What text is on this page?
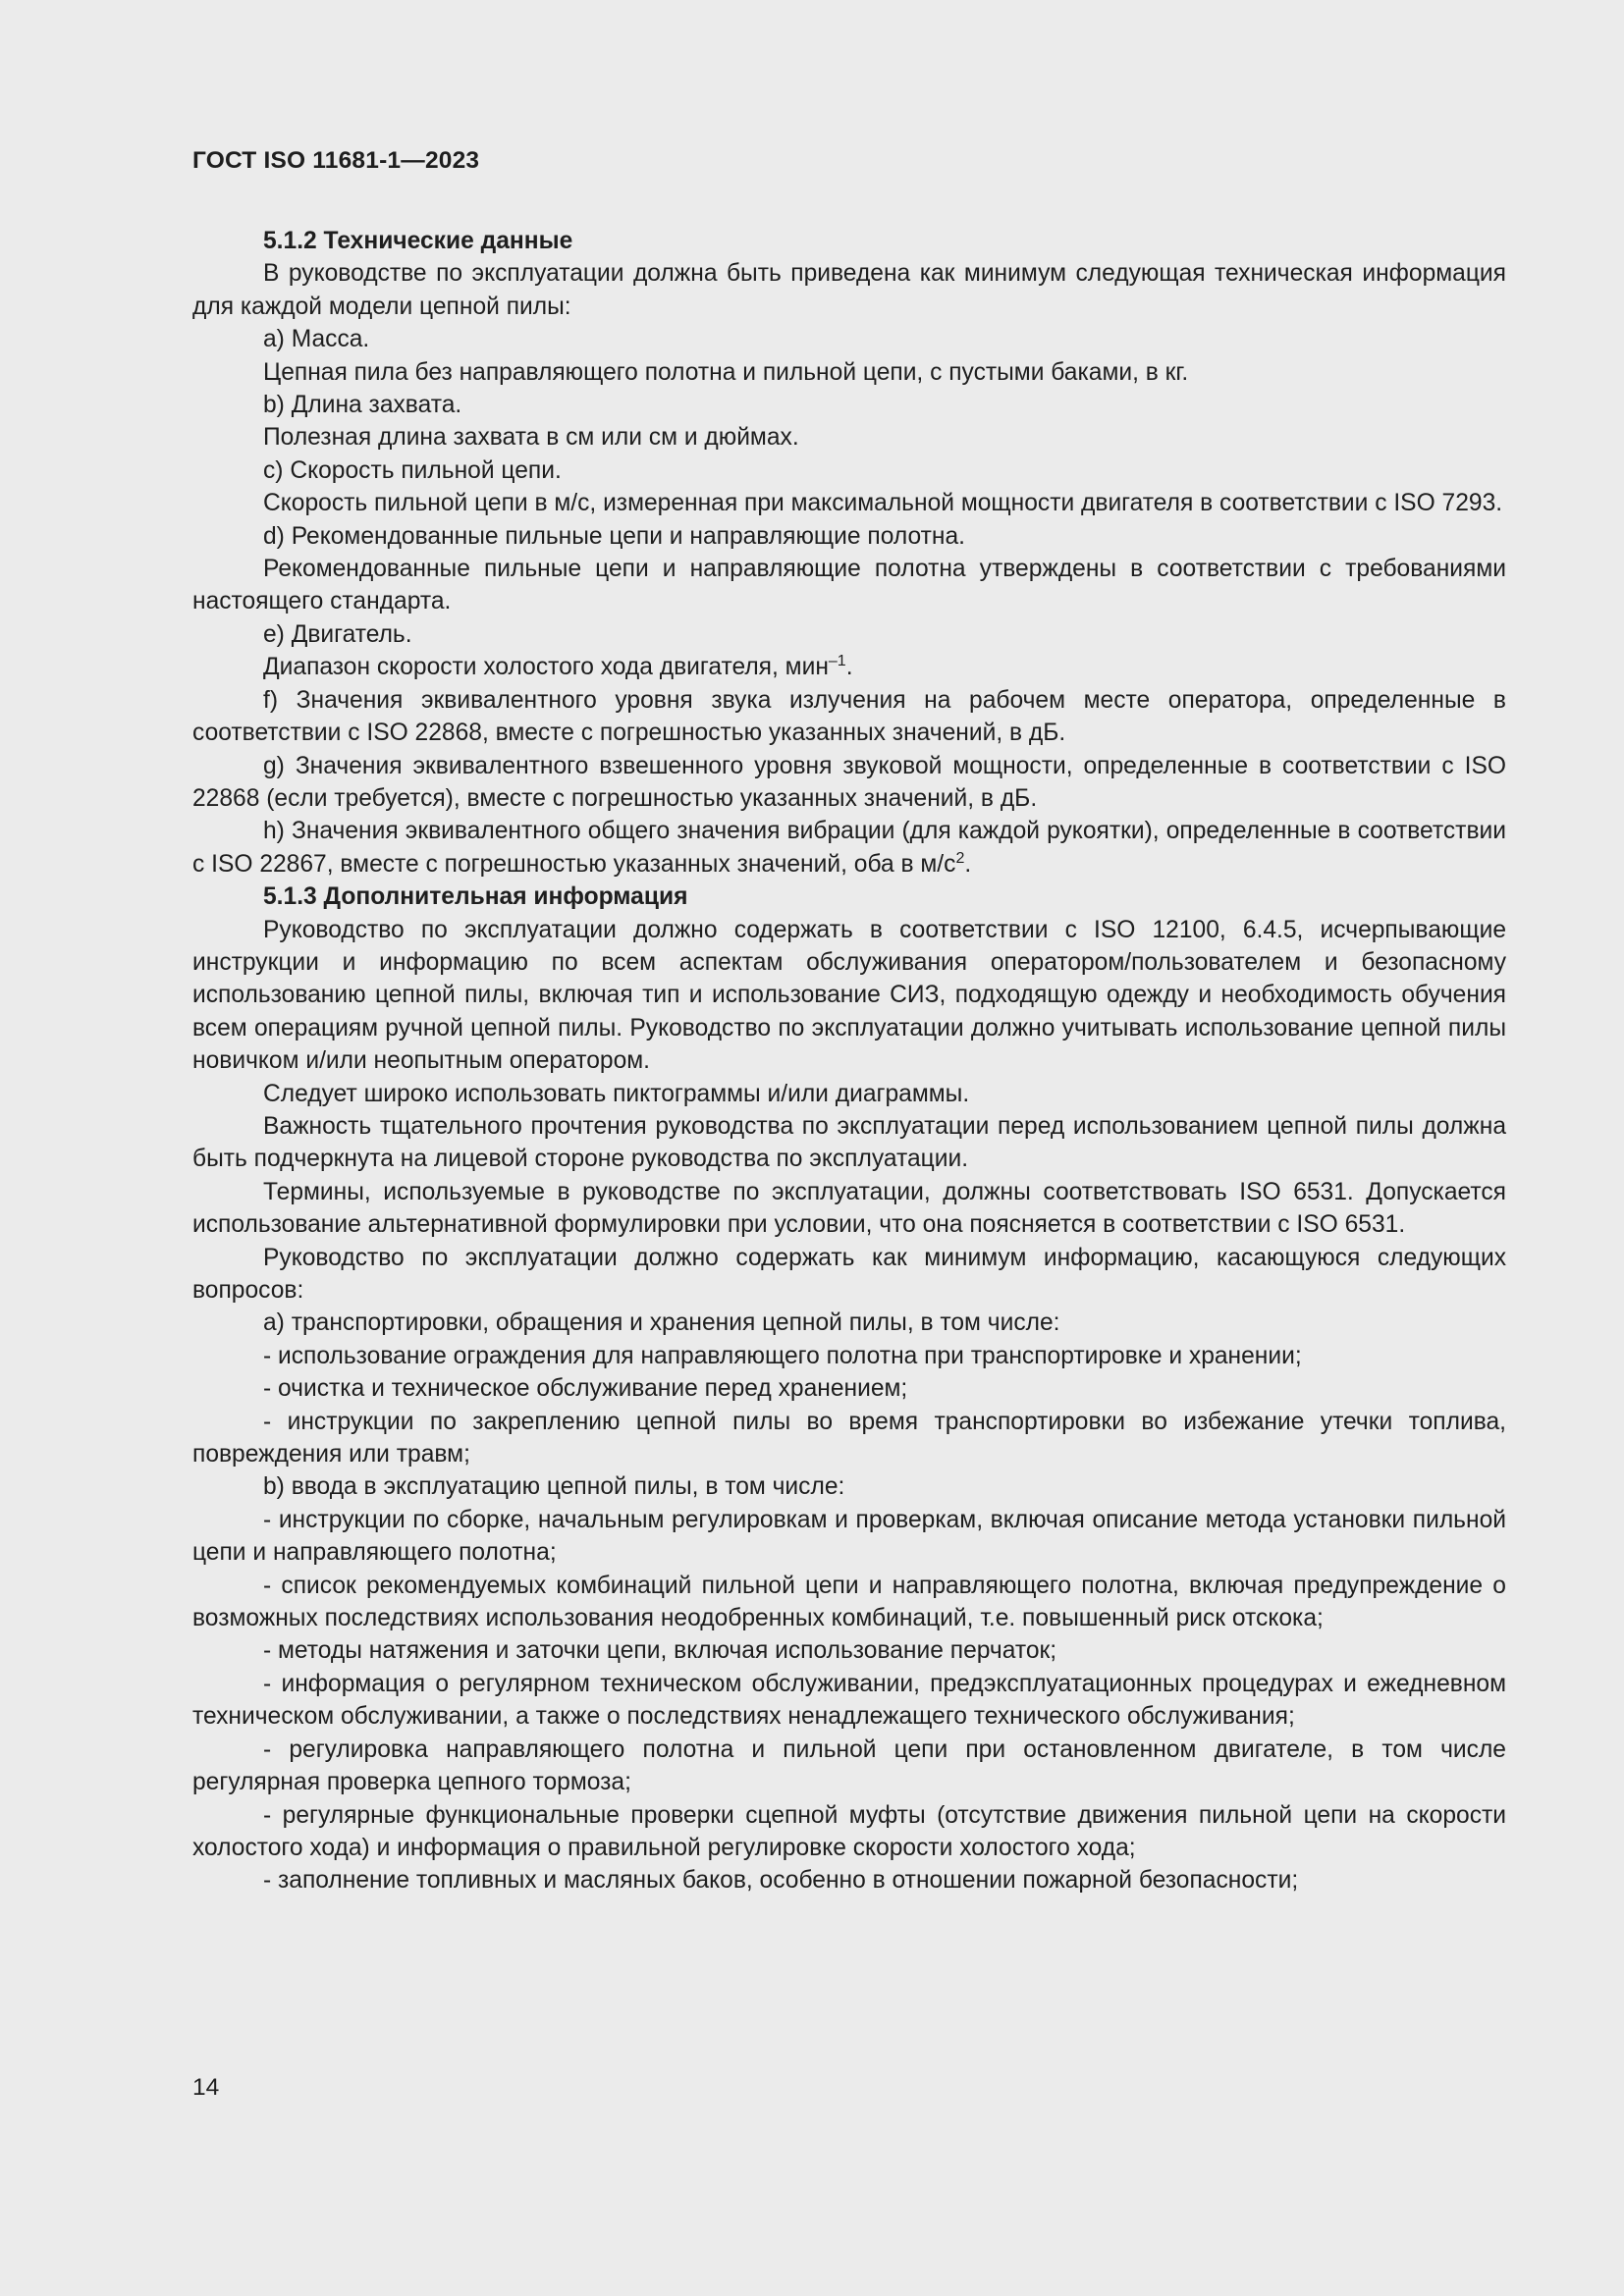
ГОСТ ISO 11681-1—2023
5.1.2 Технические данные

В руководстве по эксплуатации должна быть приведена как минимум следующая техническая информация для каждой модели цепной пилы:

a) Масса.

Цепная пила без направляющего полотна и пильной цепи, с пустыми баками, в кг.

b) Длина захвата.

Полезная длина захвата в см или см и дюймах.

c) Скорость пильной цепи.

Скорость пильной цепи в м/с, измеренная при максимальной мощности двигателя в соответствии с ISO 7293.

d) Рекомендованные пильные цепи и направляющие полотна.

Рекомендованные пильные цепи и направляющие полотна утверждены в соответствии с требованиями настоящего стандарта.

e) Двигатель.

Диапазон скорости холостого хода двигателя, мин$^{-1}$.

f) Значения эквивалентного уровня звука излучения на рабочем месте оператора, определенные в соответствии с ISO 22868, вместе с погрешностью указанных значений, в дБ.

g) Значения эквивалентного взвешенного уровня звуковой мощности, определенные в соответствии с ISO 22868 (если требуется), вместе с погрешностью указанных значений, в дБ.

h) Значения эквивалентного общего значения вибрации (для каждой рукоятки), определенные в соответствии с ISO 22867, вместе с погрешностью указанных значений, оба в $м/с^2$.

5.1.3 Дополнительная информация

Руководство по эксплуатации должно содержать в соответствии с ISO 12100, 6.4.5, исчерпывающие инструкции и информацию по всем аспектам обслуживания оператором/пользователем и безопасному использованию цепной пилы, включая тип и использование СИЗ, подходящую одежду и необходимость обучения всем операциям ручной цепной пилы. Руководство по эксплуатации должно учитывать использование цепной пилы новичком и/или неопытным оператором.

Следует широко использовать пиктограммы и/или диаграммы.

Важность тщательного прочтения руководства по эксплуатации перед использованием цепной пилы должна быть подчеркнута на лицевой стороне руководства по эксплуатации.

Термины, используемые в руководстве по эксплуатации, должны соответствовать ISO 6531. Допускается использование альтернативной формулировки при условии, что она поясняется в соответствии с ISO 6531.

Руководство по эксплуатации должно содержать как минимум информацию, касающуюся следующих вопросов:

a) транспортировки, обращения и хранения цепной пилы, в том числе:

- использование ограждения для направляющего полотна при транспортировке и хранении;

- очистка и техническое обслуживание перед хранением;

- инструкции по закреплению цепной пилы во время транспортировки во избежание утечки топлива, повреждения или травм;

b) ввода в эксплуатацию цепной пилы, в том числе:

- инструкции по сборке, начальным регулировкам и проверкам, включая описание метода установки пильной цепи и направляющего полотна;

- список рекомендуемых комбинаций пильной цепи и направляющего полотна, включая предупреждение о возможных последствиях использования неодобренных комбинаций, т.е. повышенный риск отскока;

- методы натяжения и заточки цепи, включая использование перчаток;

- информация о регулярном техническом обслуживании, предэксплуатационных процедурах и ежедневном техническом обслуживании, а также о последствиях ненадлежащего технического обслуживания;

- регулировка направляющего полотна и пильной цепи при остановленном двигателе, в том числе регулярная проверка цепного тормоза;

- регулярные функциональные проверки сцепной муфты (отсутствие движения пильной цепи на скорости холостого хода) и информация о правильной регулировке скорости холостого хода;

- заполнение топливных и масляных баков, особенно в отношении пожарной безопасности;

14
